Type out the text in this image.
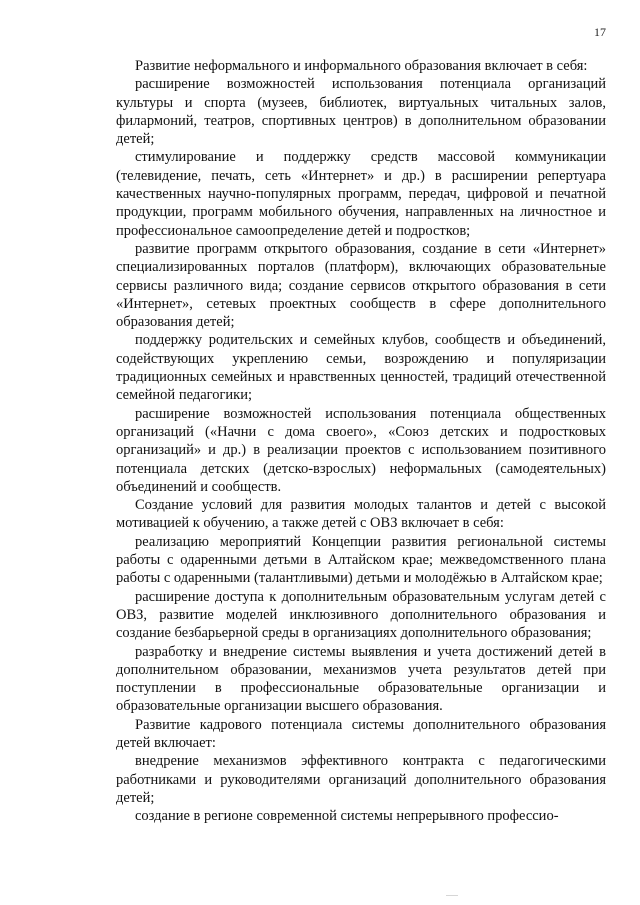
17

Развитие неформального и информального образования включает в себя:

расширение возможностей использования потенциала организаций культуры и спорта (музеев, библиотек, виртуальных читальных залов, филармоний, театров, спортивных центров) в дополнительном образовании детей;

стимулирование и поддержку средств массовой коммуникации (телевидение, печать, сеть «Интернет» и др.) в расширении репертуара качественных научно-популярных программ, передач, цифровой и печатной продукции, программ мобильного обучения, направленных на личностное и профессиональное самоопределение детей и подростков;

развитие программ открытого образования, создание в сети «Интернет» специализированных порталов (платформ), включающих образовательные сервисы различного вида; создание сервисов открытого образования в сети «Интернет», сетевых проектных сообществ в сфере дополнительного образования детей;

поддержку родительских и семейных клубов, сообществ и объединений, содействующих укреплению семьи, возрождению и популяризации традиционных семейных и нравственных ценностей, традиций отечественной семейной педагогики;

расширение возможностей использования потенциала общественных организаций («Начни с дома своего», «Союз детских и подростковых организаций» и др.) в реализации проектов с использованием позитивного потенциала детских (детско-взрослых) неформальных (самодеятельных) объединений и сообществ.

Создание условий для развития молодых талантов и детей с высокой мотивацией к обучению, а также детей с ОВЗ включает в себя:

реализацию мероприятий Концепции развития региональной системы работы с одаренными детьми в Алтайском крае; межведомственного плана работы с одаренными (талантливыми) детьми и молодёжью в Алтайском крае;

расширение доступа к дополнительным образовательным услугам детей с ОВЗ, развитие моделей инклюзивного дополнительного образования и создание безбарьерной среды в организациях дополнительного образования;

разработку и внедрение системы выявления и учета достижений детей в дополнительном образовании, механизмов учета результатов детей при поступлении в профессиональные образовательные организации и образовательные организации высшего образования.

Развитие кадрового потенциала системы дополнительного образования детей включает:

внедрение механизмов эффективного контракта с педагогическими работниками и руководителями организаций дополнительного образования детей;

создание в регионе современной системы непрерывного профессио-
